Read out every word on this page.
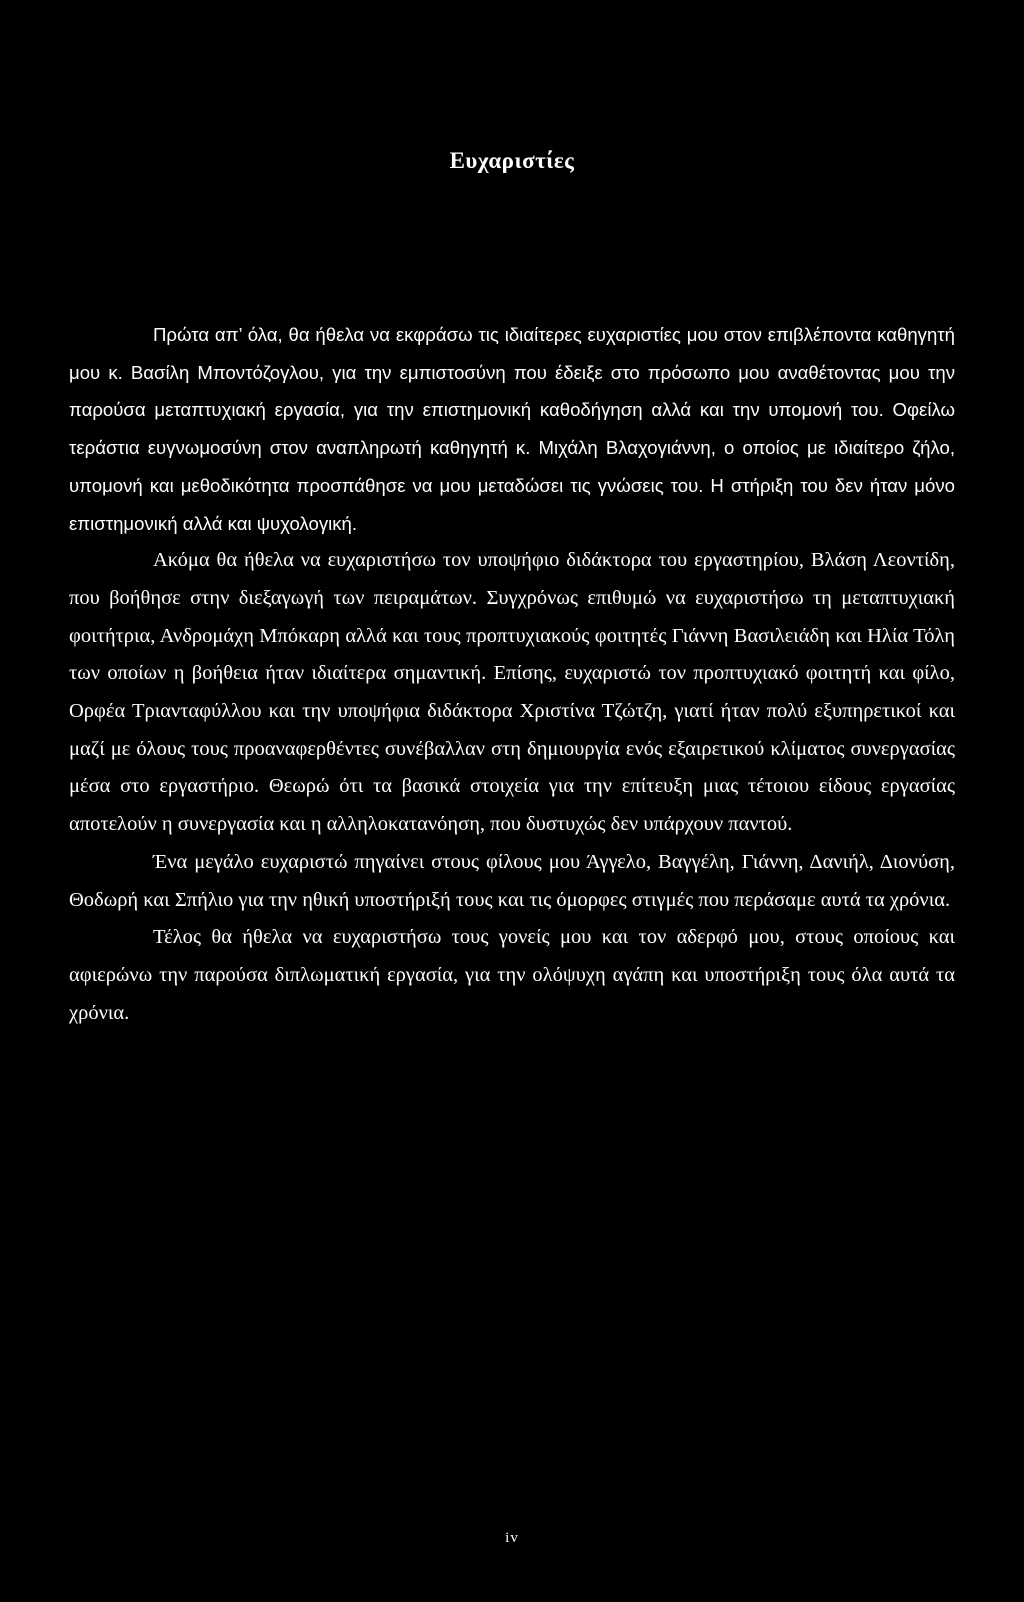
Ευχαριστίες

Πρώτα απ’ όλα, θα ήθελα να εκφράσω τις ιδιαίτερες ευχαριστίες μου στον επιβλέποντα καθηγητή μου κ. Βασίλη Μποντόζογλου, για την εμπιστοσύνη που έδειξε στο πρόσωπο μου αναθέτοντας μου την παρούσα μεταπτυχιακή εργασία, για την επιστημονική καθοδήγηση αλλά και την υπομονή του. Οφείλω τεράστια ευγνωμοσύνη στον αναπληρωτή καθηγητή κ. Μιχάλη Βλαχογιάννη, ο οποίος με ιδιαίτερο ζήλο, υπομονή και μεθοδικότητα προσπάθησε να μου μεταδώσει τις γνώσεις του. Η στήριξη του δεν ήταν μόνο επιστημονική αλλά και ψυχολογική.

Ακόμα θα ήθελα να ευχαριστήσω τον υποψήφιο διδάκτορα του εργαστηρίου, Βλάση Λεοντίδη, που βοήθησε στην διεξαγωγή των πειραμάτων. Συγχρόνως επιθυμώ να ευχαριστήσω τη μεταπτυχιακή φοιτήτρια, Ανδρομάχη Μπόκαρη αλλά και τους προπτυχιακούς φοιτητές Γιάννη Βασιλειάδη και Ηλία Τόλη των οποίων η βοήθεια ήταν ιδιαίτερα σημαντική. Επίσης, ευχαριστώ τον προπτυχιακό φοιτητή και φίλο, Ορφέα Τριανταφύλλου και την υποψήφια διδάκτορα Χριστίνα Τζώτζη, γιατί ήταν πολύ εξυπηρετικοί και μαζί με όλους τους προαναφερθέντες συνέβαλλαν στη δημιουργία ενός εξαιρετικού κλίματος συνεργασίας μέσα στο εργαστήριο. Θεωρώ ότι τα βασικά στοιχεία για την επίτευξη μιας τέτοιου είδους εργασίας αποτελούν η συνεργασία και η αλληλοκατανόηση, που δυστυχώς δεν υπάρχουν παντού.

Ένα μεγάλο ευχαριστώ πηγαίνει στους φίλους μου Άγγελο, Βαγγέλη, Γιάννη, Δανιήλ, Διονύση, Θοδωρή και Σπήλιο για την ηθική υποστήριξή τους και τις όμορφες στιγμές που περάσαμε αυτά τα χρόνια.

Τέλος θα ήθελα να ευχαριστήσω τους γονείς μου και τον αδερφό μου, στους οποίους και αφιερώνω την παρούσα διπλωματική εργασία, για την ολόψυχη αγάπη και υποστήριξη τους όλα αυτά τα χρόνια.

iv
